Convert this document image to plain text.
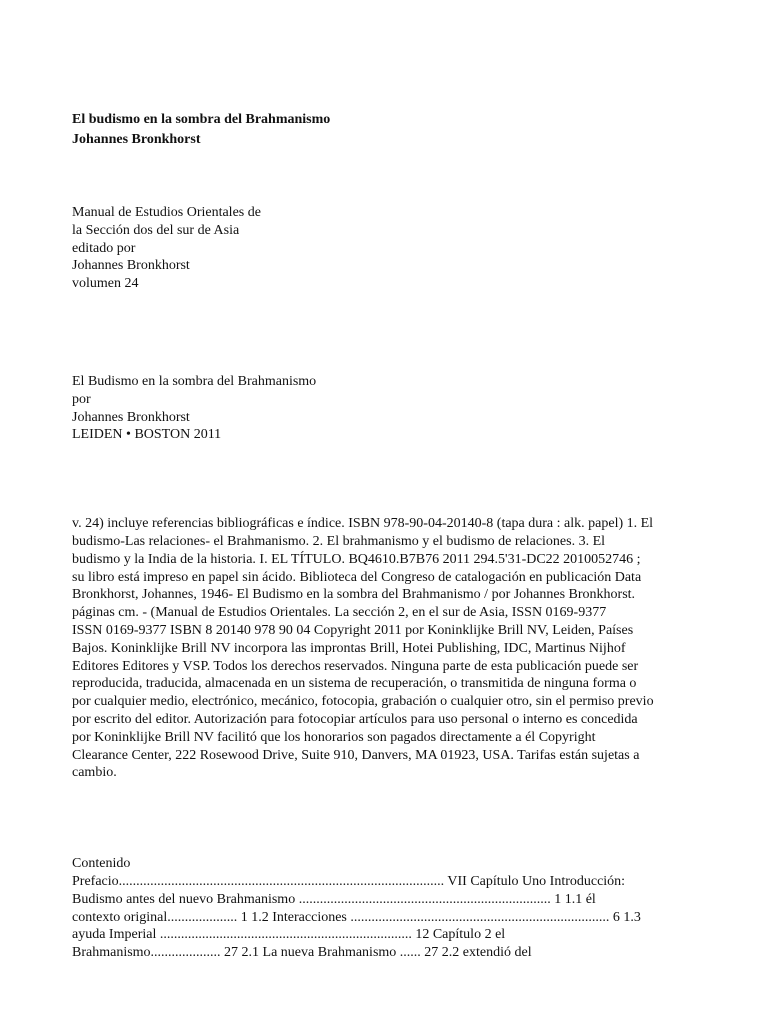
El budismo en la sombra del Brahmanismo
Johannes Bronkhorst
Manual de Estudios Orientales de
la Sección dos del sur de Asia
editado por
Johannes Bronkhorst
volumen 24
El Budismo en la sombra del Brahmanismo
por
Johannes Bronkhorst
LEIDEN • BOSTON 2011
v. 24) incluye referencias bibliográficas e índice. ISBN 978-90-04-20140-8 (tapa dura : alk. papel) 1. El
budismo-Las relaciones- el Brahmanismo. 2. El brahmanismo y el budismo de relaciones. 3. El
budismo y la India de la historia. I. EL TÍTULO. BQ4610.B7B76 2011 294.5'31-DC22 2010052746 ;
su libro está impreso en papel sin ácido. Biblioteca del Congreso de catalogación en publicación Data
Bronkhorst, Johannes, 1946- El Budismo en la sombra del Brahmanismo / por Johannes Bronkhorst.
páginas cm. - (Manual de Estudios Orientales. La sección 2, en el sur de Asia, ISSN 0169-9377
ISSN 0169-9377 ISBN 8 20140 978 90 04 Copyright 2011 por Koninklijke Brill NV, Leiden, Países
Bajos. Koninklijke Brill NV incorpora las improntas Brill, Hotei Publishing, IDC, Martinus Nijhof
Editores Editores y VSP. Todos los derechos reservados. Ninguna parte de esta publicación puede ser
reproducida, traducida, almacenada en un sistema de recuperación, o transmitida de ninguna forma o
por cualquier medio, electrónico, mecánico, fotocopia, grabación o cualquier otro, sin el permiso previo
por escrito del editor. Autorización para fotocopiar artículos para uso personal o interno es concedida
por Koninklijke Brill NV facilitó que los honorarios son pagados directamente a él Copyright
Clearance Center, 222 Rosewood Drive, Suite 910, Danvers, MA 01923, USA. Tarifas están sujetas a
cambio.
Contenido
Prefacio............................................................................................. VII Capítulo Uno Introducción:
Budismo antes del nuevo Brahmanismo ........................................................................ 1 1.1 él
contexto original.................... 1 1.2 Interacciones .......................................................................... 6 1.3
ayuda Imperial ........................................................................ 12 Capítulo 2 el
Brahmanismo.................... 27 2.1 La nueva Brahmanismo ...... 27 2.2 extendió del
